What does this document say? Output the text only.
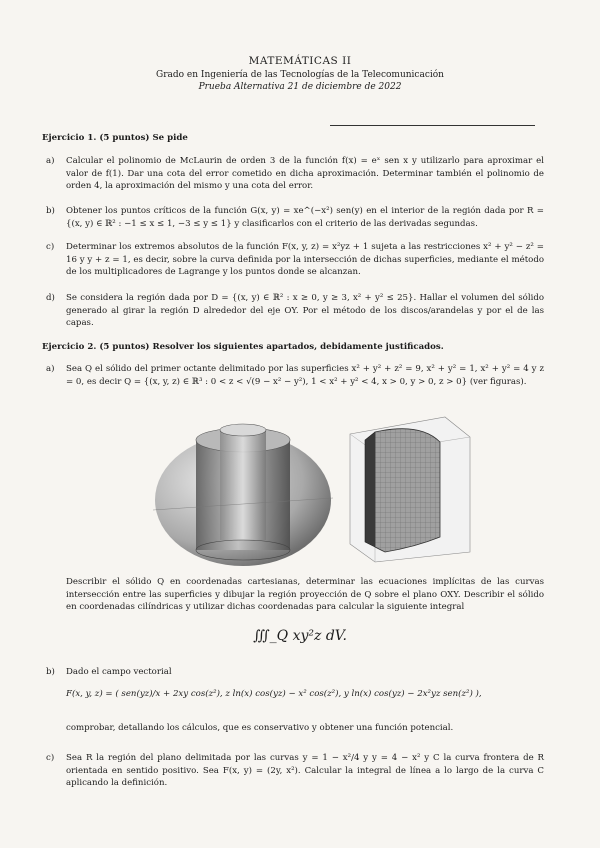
MATEMÁTICAS II
Grado en Ingeniería de las Tecnologías de la Telecomunicación
Prueba Alternativa 21 de diciembre de 2022
Ejercicio 1. (5 puntos) Se pide
a)	Calcular el polinomio de McLaurin de orden 3 de la función f(x) = eˣ sen x y utilizarlo para aproximar el valor de f(1). Dar una cota del error cometido en dicha aproximación. Determinar también el polinomio de orden 4, la aproximación del mismo y una cota del error.
b)	Obtener los puntos críticos de la función G(x, y) = xe^(−x²) sen(y) en el interior de la región dada por R = {(x, y) ∈ ℝ² : −1 ≤ x ≤ 1, −3 ≤ y ≤ 1} y clasificarlos con el criterio de las derivadas segundas.
c)	Determinar los extremos absolutos de la función F(x, y, z) = x²yz + 1 sujeta a las restricciones x² + y² − z² = 16 y y + z = 1, es decir, sobre la curva definida por la intersección de dichas superficies, mediante el método de los multiplicadores de Lagrange y los puntos donde se alcanzan.
d)	Se considera la región dada por D = {(x, y) ∈ ℝ² : x ≥ 0, y ≥ 3, x² + y² ≤ 25}. Hallar el volumen del sólido generado al girar la región D alrededor del eje OY. Por el método de los discos/arandelas y por el de las capas.
Ejercicio 2. (5 puntos) Resolver los siguientes apartados, debidamente justificados.
a)	Sea Q el sólido del primer octante delimitado por las superficies x² + y² + z² = 9, x² + y² = 1, x² + y² = 4 y z = 0, es decir Q = {(x, y, z) ∈ ℝ³ : 0 < z < √(9 − x² − y²), 1 < x² + y² < 4, x > 0, y > 0, z > 0} (ver figuras).
Describir el sólido Q en coordenadas cartesianas, determinar las ecuaciones implícitas de las curvas intersección entre las superficies y dibujar la región proyección de Q sobre el plano OXY. Describir el sólido en coordenadas cilíndricas y utilizar dichas coordenadas para calcular la siguiente integral
∭_Q xy²z dV.
b)	Dado el campo vectorial
F(x, y, z) = ( sen(yz)/x + 2xy cos(z²), z ln(x) cos(yz) − x² cos(z²), y ln(x) cos(yz) − 2x²yz sen(z²) ),
comprobar, detallando los cálculos, que es conservativo y obtener una función potencial.
c)	Sea R la región del plano delimitada por las curvas y = 1 − x²/4 y y = 4 − x² y C la curva frontera de R orientada en sentido positivo. Sea F(x, y) = (2y, x²). Calcular la integral de línea a lo largo de la curva C aplicando la definición.
